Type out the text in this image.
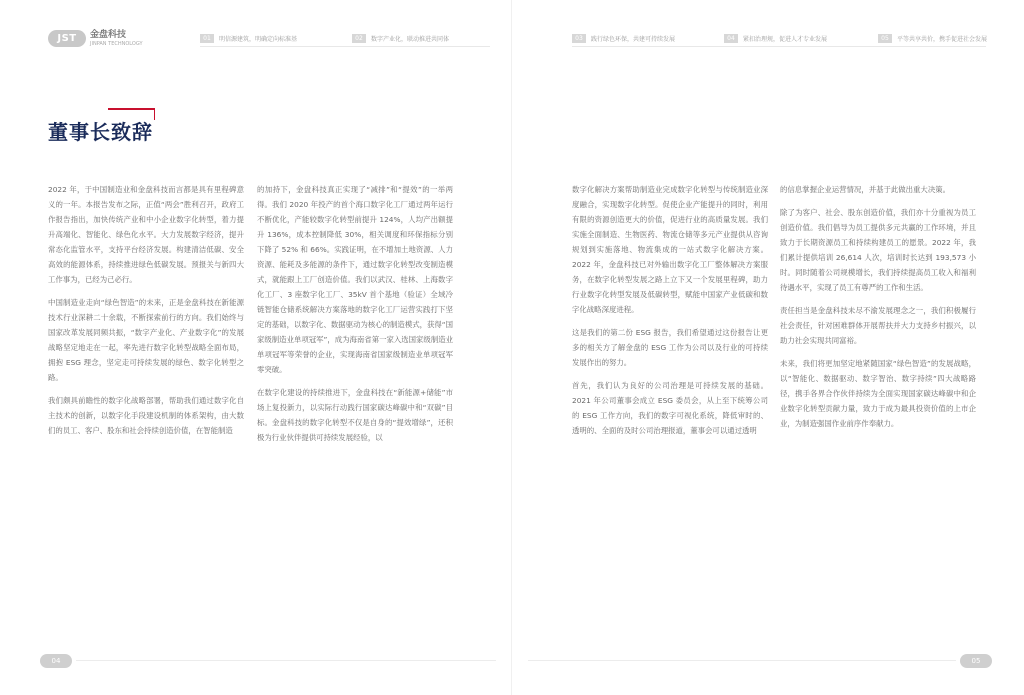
JST	金盘科技
JINPAN TECHNOLOGY
01	明信源建筑，明确定向标准基	02	数字产业化，联动推进共同体
董事长致辞

2022 年，于中国制造业和金盘科技而言都是具有里程碑意义的一年。本报告发布之际，正值“两会”胜利召开，政府工作报告指出，加快传统产业和中小企业数字化转型，着力提升高端化、智能化、绿色化水平。大力发展数字经济，提升常态化监管水平，支持平台经济发展。构建清洁低碳、安全高效的能源体系，持续推进绿色低碳发展。预报关与新四大工作事为，已经为己必行。

中国制造业走向“绿色智造”的未来，正是金盘科技在新能源技术行业深耕二十余载，不断探索前行的方向。我们始终与国家改革发展同频共振，“数字产业化、产业数字化”的发展战略坚定地走在一起，率先进行数字化转型战略全面布局，拥抱 ESG 理念，坚定走可持续发展的绿色、数字化转型之路。

我们颇具前瞻性的数字化战略部署，帮助我们通过数字化自主技术的创新，以数字化手段建设机制的体系架构，由大数们的员工、客户、股东和社会持续创造价值，在智能制造

的加持下，金盘科技真正实现了“减排”和“提效”的一举两得。我们 2020 年投产的首个海口数字化工厂通过两年运行不断优化，产能较数字化转型前提升 124%，人均产出额提升 136%，成本控制降低 30%，相关调度和环保指标分别下降了 52% 和 66%。实践证明，在不增加土地资源、人力资源、能耗及多能源的条件下，通过数字化转型改变制造模式，就能跟上工厂创造价值。我们以武汉、桂林、上海数字化工厂、3 座数字化工厂、35kV 首个基地（验证）全域冷链智能仓储系统解决方案落地的数字化工厂运营实践打下坚定的基础，以数字化、数据驱动为核心的制造模式，获得“国家级制造业单项冠军”，成为海南省第一家入选国家级制造业单项冠军等荣誉的企业，实现海南省国家级制造业单项冠军零突破。

在数字化建设的持续推进下，金盘科技在“新能源+储能”市场上复投新力，以实际行动践行国家碳达峰碳中和“双碳”目标。金盘科技的数字化转型不仅是自身的“提效增绿”，还积极为行业伙伴提供可持续发展经验，以

04
03	践行绿色环保，共建可持续发展	04	紧扣治理规，促进人才专业发展	05	平等共享共价，携手促进社会发展

数字化解决方案帮助制造业完成数字化转型与传统制造业深度融合，实现数字化转型。促使企业产能提升的同时，利用有限的资源创造更大的价值，促进行业的高质量发展。我们实施全面制造、生物医药、物流仓储等多元产业提供从咨询规划到实施落地、物流集成的一站式数字化解决方案。2022 年，金盘科技已对外输出数字化工厂整体解决方案服务，在数字化转型发展之路上立下又一个发展里程碑，助力行业数字化转型发展及低碳转型，赋能中国家产业低碳和数字化战略深度进程。

这是我们的第二份 ESG 报告，我们希望通过这份报告让更多的相关方了解金盘的 ESG 工作为公司以及行业的可持续发展作出的努力。

首先，我们认为良好的公司治理是可持续发展的基础。2021 年公司董事会成立 ESG 委员会，从上至下统筹公司的 ESG 工作方向，我们的数字可视化系统，降低审时的、透明的、全面的及时公司治理报道，董事会可以通过透明

的信息掌握企业运营情况，并基于此做出重大决策。

除了为客户、社会、股东创造价值，我们亦十分重视为员工创造价值。我们倡导为员工提供多元共赢的工作环境，并且致力于长期资源员工和持续构建员工的愿景。2022 年，我们累计提供培训 26,614 人次，培训时长达到 193,573 小时。同时随着公司规模增长，我们持续提高员工收入和福利待遇水平，实现了员工有尊严的工作和生活。

责任担当是金盘科技未尽不渝发展理念之一，我们积极履行社会责任，针对困难群体开展帮扶并大力支持乡村振兴，以助力社会实现共同富裕。

未来，我们将更加坚定地紧随国家“绿色智造”的发展战略，以“智能化、数据驱动、数字智治、数字持续”四大战略路径，携手各界合作伙伴持续为全面实现国家碳达峰碳中和企业数字化转型贡献力量，致力于成为最具投资价值的上市企业，为制造强国作业前序作奉献力。

05
